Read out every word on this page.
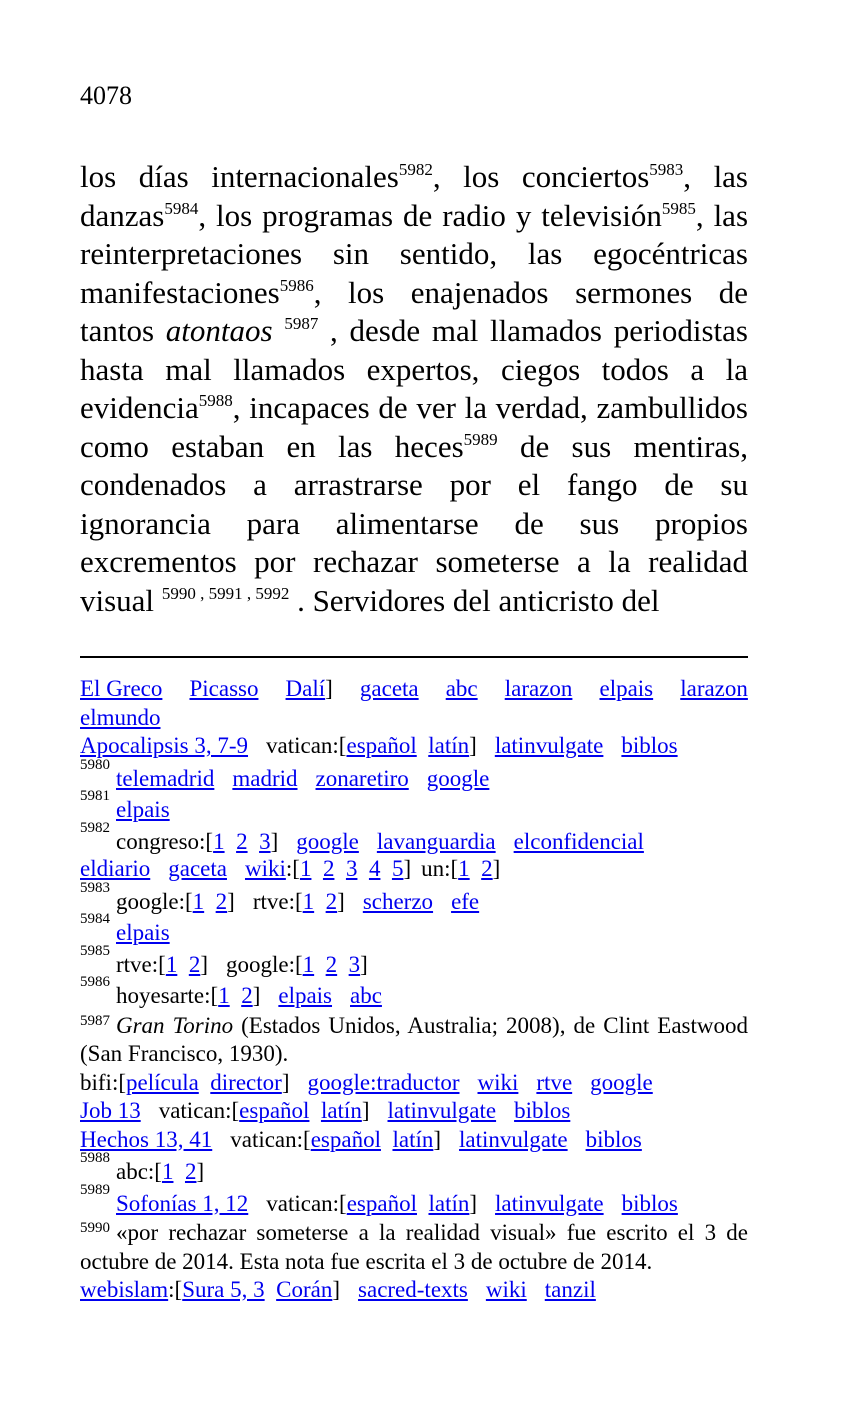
4078
los días internacionales$^{5982}$, los conciertos$^{5983}$, las danzas$^{5984}$, los programas de radio y televisión$^{5985}$, las reinterpretaciones sin sentido, las egocéntricas manifestaciones$^{5986}$, los enajenados sermones de tantos atontaos $^{5987}$ , desde mal llamados periodistas hasta mal llamados expertos, ciegos todos a la evidencia$^{5988}$, incapaces de ver la verdad, zambullidos como estaban en las heces$^{5989}$ de sus mentiras, condenados a arrastrarse por el fango de su ignorancia para alimentarse de sus propios excrementos por rechazar someterse a la realidad visual $^{5990}$ , $^{5991}$ , $^{5992}$ . Servidores del anticristo del
El Greco Picasso Dalí] gaceta abc larazon elpais larazon
elmundo
Apocalipsis 3, 7-9 vatican:[español latín] latinvulgate biblos
5980
telemadrid madrid zonaretiro google
5981
elpais
5982
congreso:[1 2 3] google lavanguardia elconfidencial
eldiario gaceta wiki:[1 2 3 4 5] un:[1 2]
5983
google:[1 2] rtve:[1 2] scherzo efe
5984
elpais
5985
rtve:[1 2] google:[1 2 3]
5986
hoyesarte:[1 2] elpais abc
$^{5987}$ Gran Torino (Estados Unidos, Australia; 2008), de Clint Eastwood (San Francisco, 1930).
bifi:[película director] google:traductor wiki rtve google
Job 13 vatican:[español latín] latinvulgate biblos
Hechos 13, 41 vatican:[español latín] latinvulgate biblos
5988
abc:[1 2]
5989
Sofonías 1, 12 vatican:[español latín] latinvulgate biblos
$^{5990}$ «por rechazar someterse a la realidad visual» fue escrito el 3 de octubre de 2014. Esta nota fue escrita el 3 de octubre de 2014.
webislam:[Sura 5, 3 Corán] sacred-texts wiki tanzil
